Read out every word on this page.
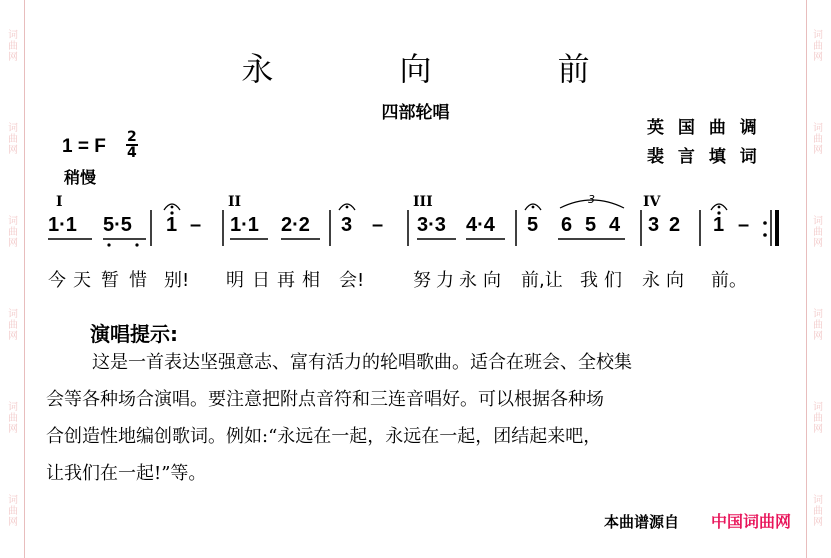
词
曲
网
词
曲
网
词
曲
网
词
曲
网
词
曲
网
词
曲
网
词
曲
网
词
曲
网
词
曲
网
词
曲
网
词
曲
网
词
曲
网
永 向 前
四部轮唱
英 国 曲 调
裴 言 填 词
1 = F 2
4
稍慢
I	II	III	IV
1·1 5·5 1 – 1·1 2·2 3 – 3·3 4·4 5 6 5 4
3
3 2 1 –
今 天 暂 惜 别! 明 日 再 相 会!	努 力 永 向 前,让 我 们 永 向 前。
演唱提示:
这是一首表达坚强意志、富有活力的轮唱歌曲。适合在班会、全校集
会等各种场合演唱。要注意把附点音符和三连音唱好。可以根据各种场
合创造性地编创歌词。例如:“永远在一起，永远在一起，团结起来吧，
让我们在一起!”等。
本曲谱源自 中国词曲网
